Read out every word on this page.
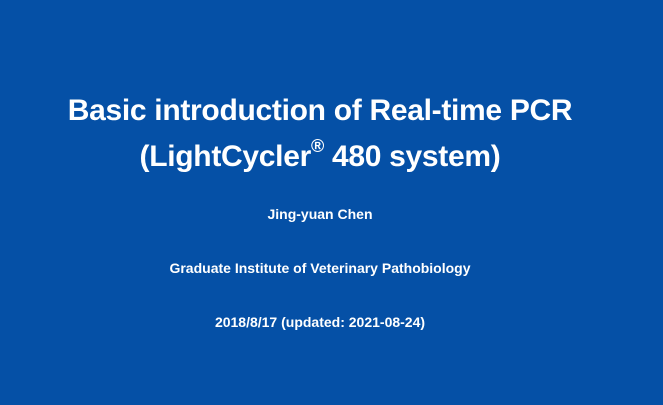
Basic introduction of Real-time PCR
(LightCycler® 480 system)
Jing-yuan Chen
Graduate Institute of Veterinary Pathobiology
2018/8/17 (updated: 2021-08-24)
